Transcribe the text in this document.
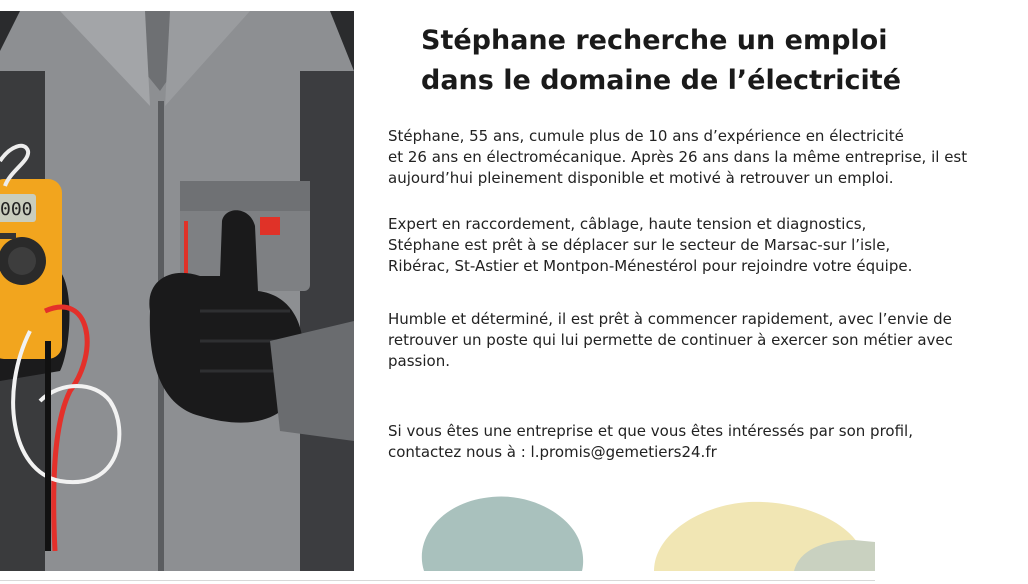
000
Stéphane recherche un emploi
dans le domaine de l’électricité

Stéphane, 55 ans, cumule plus de 10 ans d’expérience en électricité
et 26 ans en électromécanique. Après 26 ans dans la même entreprise, il est
aujourd’hui pleinement disponible et motivé à retrouver un emploi.

Expert en raccordement, câblage, haute tension et diagnostics,
Stéphane est prêt à se déplacer sur le secteur de Marsac-sur l’isle,
Ribérac, St-Astier et Montpon-Ménestérol pour rejoindre votre équipe.

Humble et déterminé, il est prêt à commencer rapidement, avec l’envie de
retrouver un poste qui lui permette de continuer à exercer son métier avec
passion.

Si vous êtes une entreprise et que vous êtes intéressés par son profil,
contactez nous à : l.promis@gemetiers24.fr
